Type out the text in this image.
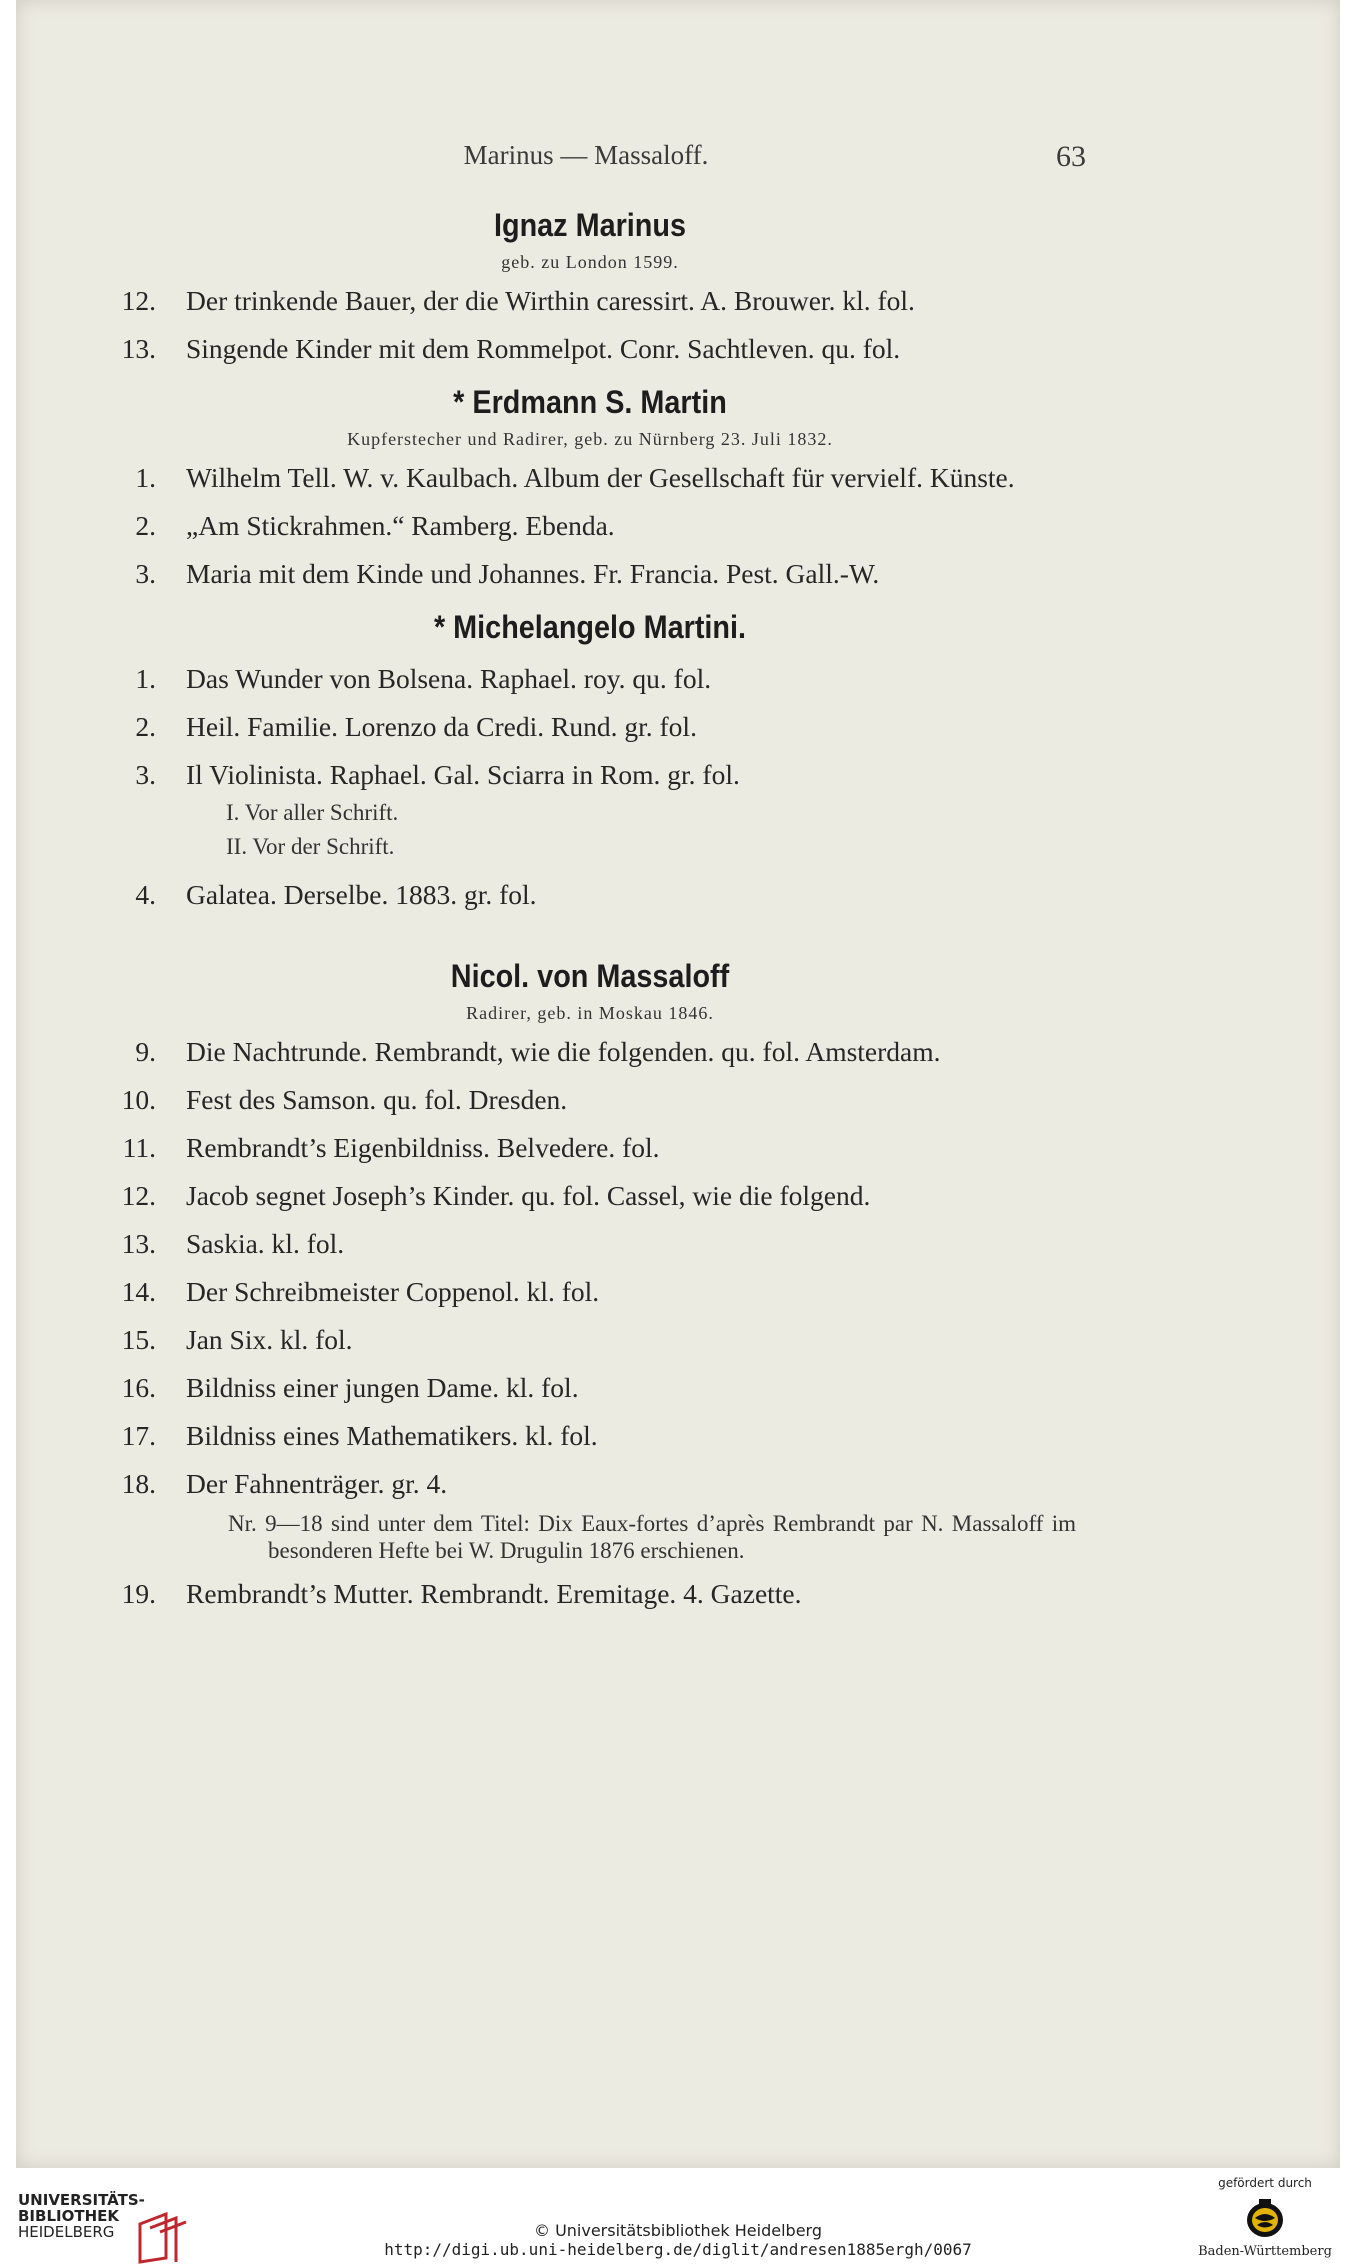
Marinus — Massaloff.	63
Ignaz Marinus
geb. zu London 1599.
12. Der trinkende Bauer, der die Wirthin caressirt. A. Brouwer. kl. fol.
13. Singende Kinder mit dem Rommelpot. Conr. Sachtleven. qu. fol.
* Erdmann S. Martin
Kupferstecher und Radirer, geb. zu Nürnberg 23. Juli 1832.
1. Wilhelm Tell. W. v. Kaulbach. Album der Gesellschaft für vervielf. Künste.
2. „Am Stickrahmen.“ Ramberg. Ebenda.
3. Maria mit dem Kinde und Johannes. Fr. Francia. Pest. Gall.-W.
* Michelangelo Martini.
1. Das Wunder von Bolsena. Raphael. roy. qu. fol.
2. Heil. Familie. Lorenzo da Credi. Rund. gr. fol.
3. Il Violinista. Raphael. Gal. Sciarra in Rom. gr. fol.
I. Vor aller Schrift.
II. Vor der Schrift.
4. Galatea. Derselbe. 1883. gr. fol.
Nicol. von Massaloff
Radirer, geb. in Moskau 1846.
9. Die Nachtrunde. Rembrandt, wie die folgenden. qu. fol. Amsterdam.
10. Fest des Samson. qu. fol. Dresden.
11. Rembrandt’s Eigenbildniss. Belvedere. fol.
12. Jacob segnet Joseph’s Kinder. qu. fol. Cassel, wie die folgend.
13. Saskia. kl. fol.
14. Der Schreibmeister Coppenol. kl. fol.
15. Jan Six. kl. fol.
16. Bildniss einer jungen Dame. kl. fol.
17. Bildniss eines Mathematikers. kl. fol.
18. Der Fahnenträger. gr. 4.
Nr. 9—18 sind unter dem Titel: Dix Eaux-fortes d’après Rembrandt par N. Massaloff im besonderen Hefte bei W. Drugulin 1876 erschienen.
19. Rembrandt’s Mutter. Rembrandt. Eremitage. 4. Gazette.
UNIVERSITÄTS-
BIBLIOTHEK
HEIDELBERG	© Universitätsbibliothek Heidelberg
http://digi.ub.uni-heidelberg.de/diglit/andresen1885ergh/0067
gefördert durch
Baden-Württemberg
